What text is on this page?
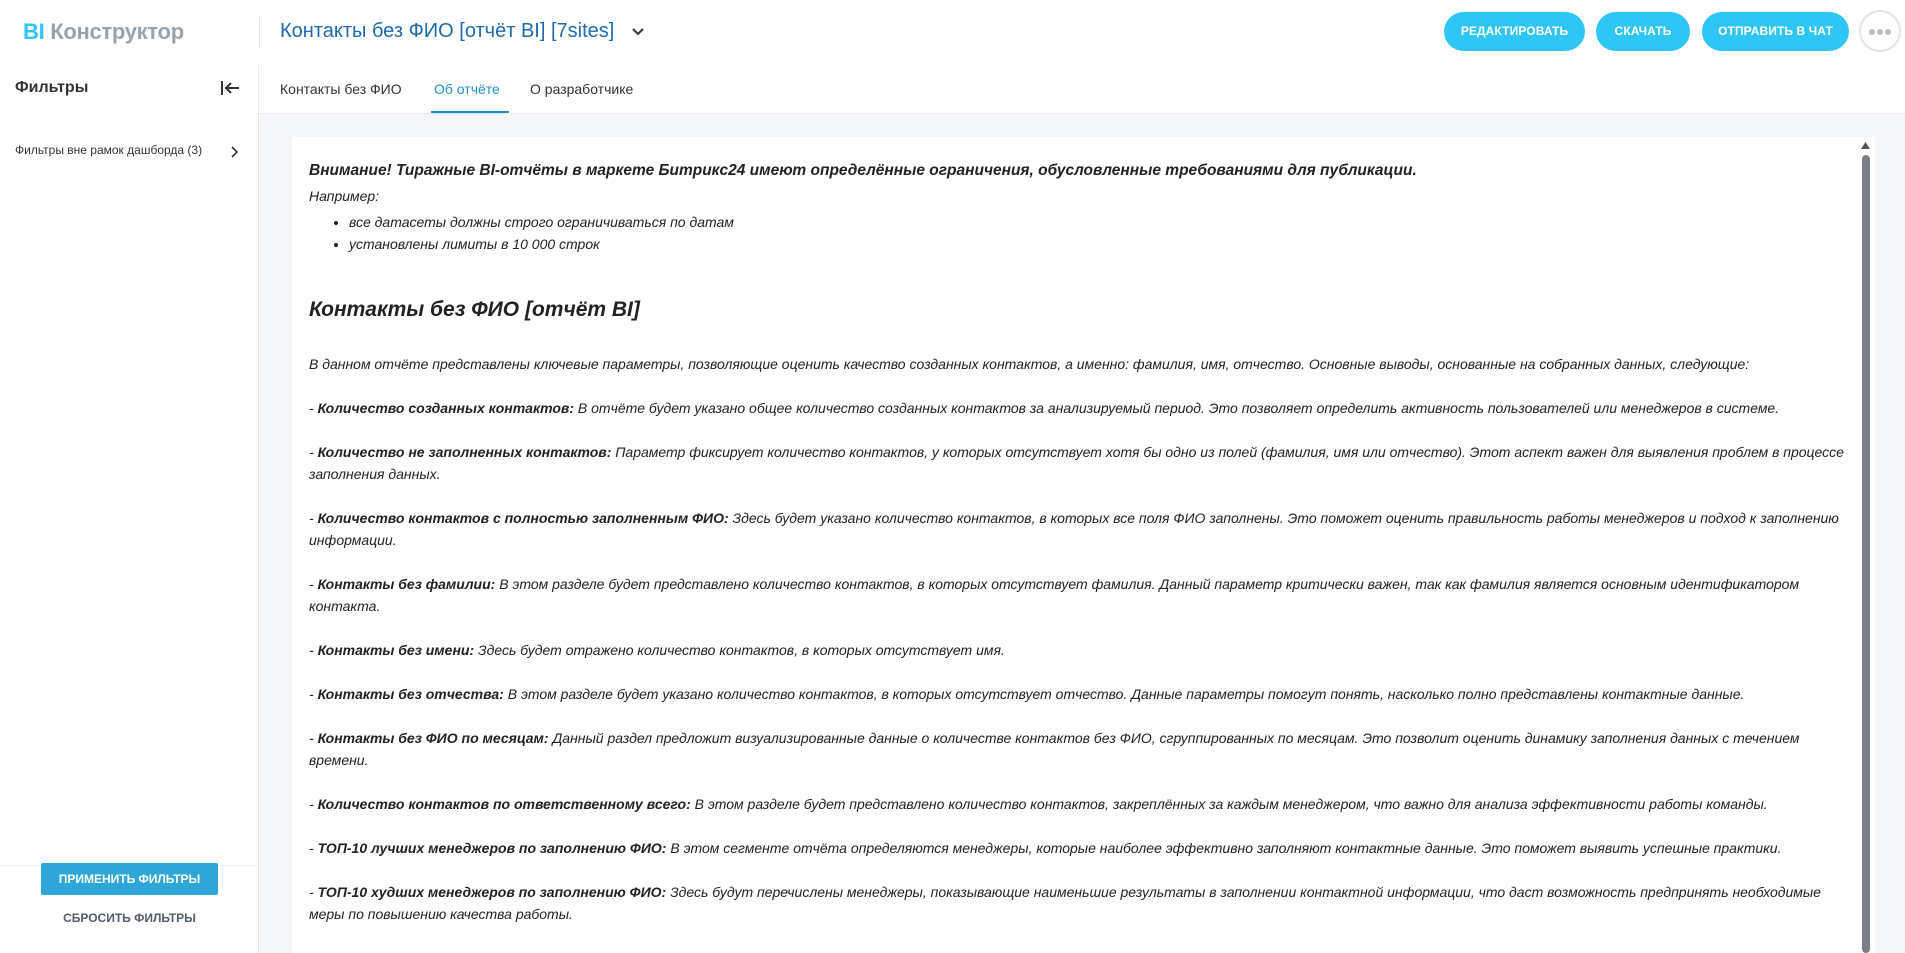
BI Конструктор	Контакты без ФИО [отчёт BI] [7sites]	РЕДАКТИРОВАТЬ	СКАЧАТЬ	ОТПРАВИТЬ В ЧАТ
Фильтры
Фильтры вне рамок дашборда (3)
ПРИМЕНИТЬ ФИЛЬТРЫ
СБРОСИТЬ ФИЛЬТРЫ
Контакты без ФИО Об отчёте О разработчике
Внимание! Тиражные BI-отчёты в маркете Битрикс24 имеют определённые ограничения, обусловленные требованиями для публикации.
Например:
• все датасеты должны строго ограничиваться по датам
• установлены лимиты в 10 000 строк
Контакты без ФИО [отчёт BI]
В данном отчёте представлены ключевые параметры, позволяющие оценить качество созданных контактов, а именно: фамилия, имя, отчество. Основные выводы, основанные на собранных данных, следующие:
- Количество созданных контактов: В отчёте будет указано общее количество созданных контактов за анализируемый период. Это позволяет определить активность пользователей или менеджеров в системе.
- Количество не заполненных контактов: Параметр фиксирует количество контактов, у которых отсутствует хотя бы одно из полей (фамилия, имя или отчество). Этот аспект важен для выявления проблем в процессе заполнения данных.
- Количество контактов с полностью заполненным ФИО: Здесь будет указано количество контактов, в которых все поля ФИО заполнены. Это поможет оценить правильность работы менеджеров и подход к заполнению информации.
- Контакты без фамилии: В этом разделе будет представлено количество контактов, в которых отсутствует фамилия. Данный параметр критически важен, так как фамилия является основным идентификатором контакта.
- Контакты без имени: Здесь будет отражено количество контактов, в которых отсутствует имя.
- Контакты без отчества: В этом разделе будет указано количество контактов, в которых отсутствует отчество. Данные параметры помогут понять, насколько полно представлены контактные данные.
- Контакты без ФИО по месяцам: Данный раздел предложит визуализированные данные о количестве контактов без ФИО, сгруппированных по месяцам. Это позволит оценить динамику заполнения данных с течением времени.
- Количество контактов по ответственному всего: В этом разделе будет представлено количество контактов, закреплённых за каждым менеджером, что важно для анализа эффективности работы команды.
- ТОП-10 лучших менеджеров по заполнению ФИО: В этом сегменте отчёта определяются менеджеры, которые наиболее эффективно заполняют контактные данные. Это поможет выявить успешные практики.
- ТОП-10 худших менеджеров по заполнению ФИО: Здесь будут перечислены менеджеры, показывающие наименьшие результаты в заполнении контактной информации, что даст возможность предпринять необходимые меры по повышению качества работы.
